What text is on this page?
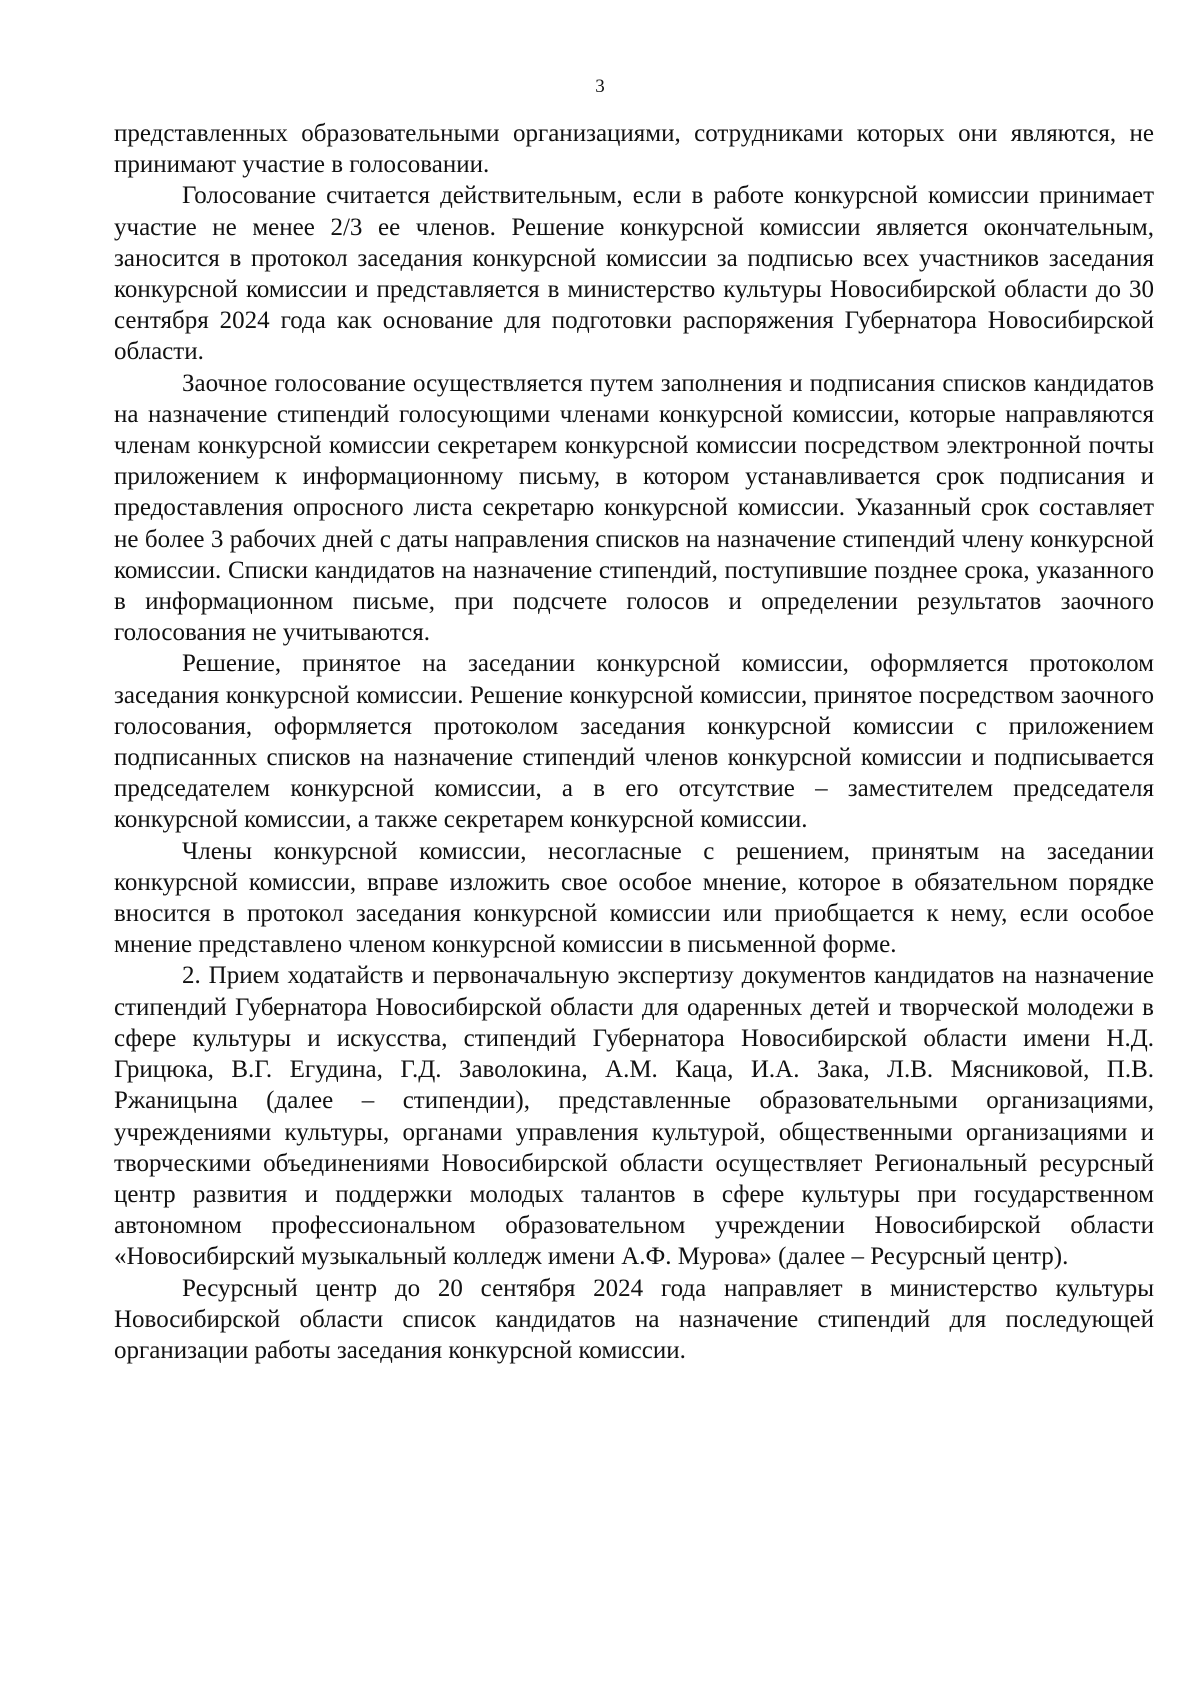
3

представленных образовательными организациями, сотрудниками которых они являются, не принимают участие в голосовании.

Голосование считается действительным, если в работе конкурсной комиссии принимает участие не менее 2/3 ее членов. Решение конкурсной комиссии является окончательным, заносится в протокол заседания конкурсной комиссии за подписью всех участников заседания конкурсной комиссии и представляется в министерство культуры Новосибирской области до 30 сентября 2024 года как основание для подготовки распоряжения Губернатора Новосибирской области.

Заочное голосование осуществляется путем заполнения и подписания списков кандидатов на назначение стипендий голосующими членами конкурсной комиссии, которые направляются членам конкурсной комиссии секретарем конкурсной комиссии посредством электронной почты приложением к информационному письму, в котором устанавливается срок подписания и предоставления опросного листа секретарю конкурсной комиссии. Указанный срок составляет не более 3 рабочих дней с даты направления списков на назначение стипендий члену конкурсной комиссии. Списки кандидатов на назначение стипендий, поступившие позднее срока, указанного в информационном письме, при подсчете голосов и определении результатов заочного голосования не учитываются.

Решение, принятое на заседании конкурсной комиссии, оформляется протоколом заседания конкурсной комиссии. Решение конкурсной комиссии, принятое посредством заочного голосования, оформляется протоколом заседания конкурсной комиссии с приложением подписанных списков на назначение стипендий членов конкурсной комиссии и подписывается председателем конкурсной комиссии, а в его отсутствие – заместителем председателя конкурсной комиссии, а также секретарем конкурсной комиссии.

Члены конкурсной комиссии, несогласные с решением, принятым на заседании конкурсной комиссии, вправе изложить свое особое мнение, которое в обязательном порядке вносится в протокол заседания конкурсной комиссии или приобщается к нему, если особое мнение представлено членом конкурсной комиссии в письменной форме.

2. Прием ходатайств и первоначальную экспертизу документов кандидатов на назначение стипендий Губернатора Новосибирской области для одаренных детей и творческой молодежи в сфере культуры и искусства, стипендий Губернатора Новосибирской области имени Н.Д. Грицюка, В.Г. Егудина, Г.Д. Заволокина, А.М. Каца, И.А. Зака, Л.В. Мясниковой, П.В. Ржаницына (далее – стипендии), представленные образовательными организациями, учреждениями культуры, органами управления культурой, общественными организациями и творческими объединениями Новосибирской области осуществляет Региональный ресурсный центр развития и поддержки молодых талантов в сфере культуры при государственном автономном профессиональном образовательном учреждении Новосибирской области «Новосибирский музыкальный колледж имени А.Ф. Мурова» (далее – Ресурсный центр).

Ресурсный центр до 20 сентября 2024 года направляет в министерство культуры Новосибирской области список кандидатов на назначение стипендий для последующей организации работы заседания конкурсной комиссии.
